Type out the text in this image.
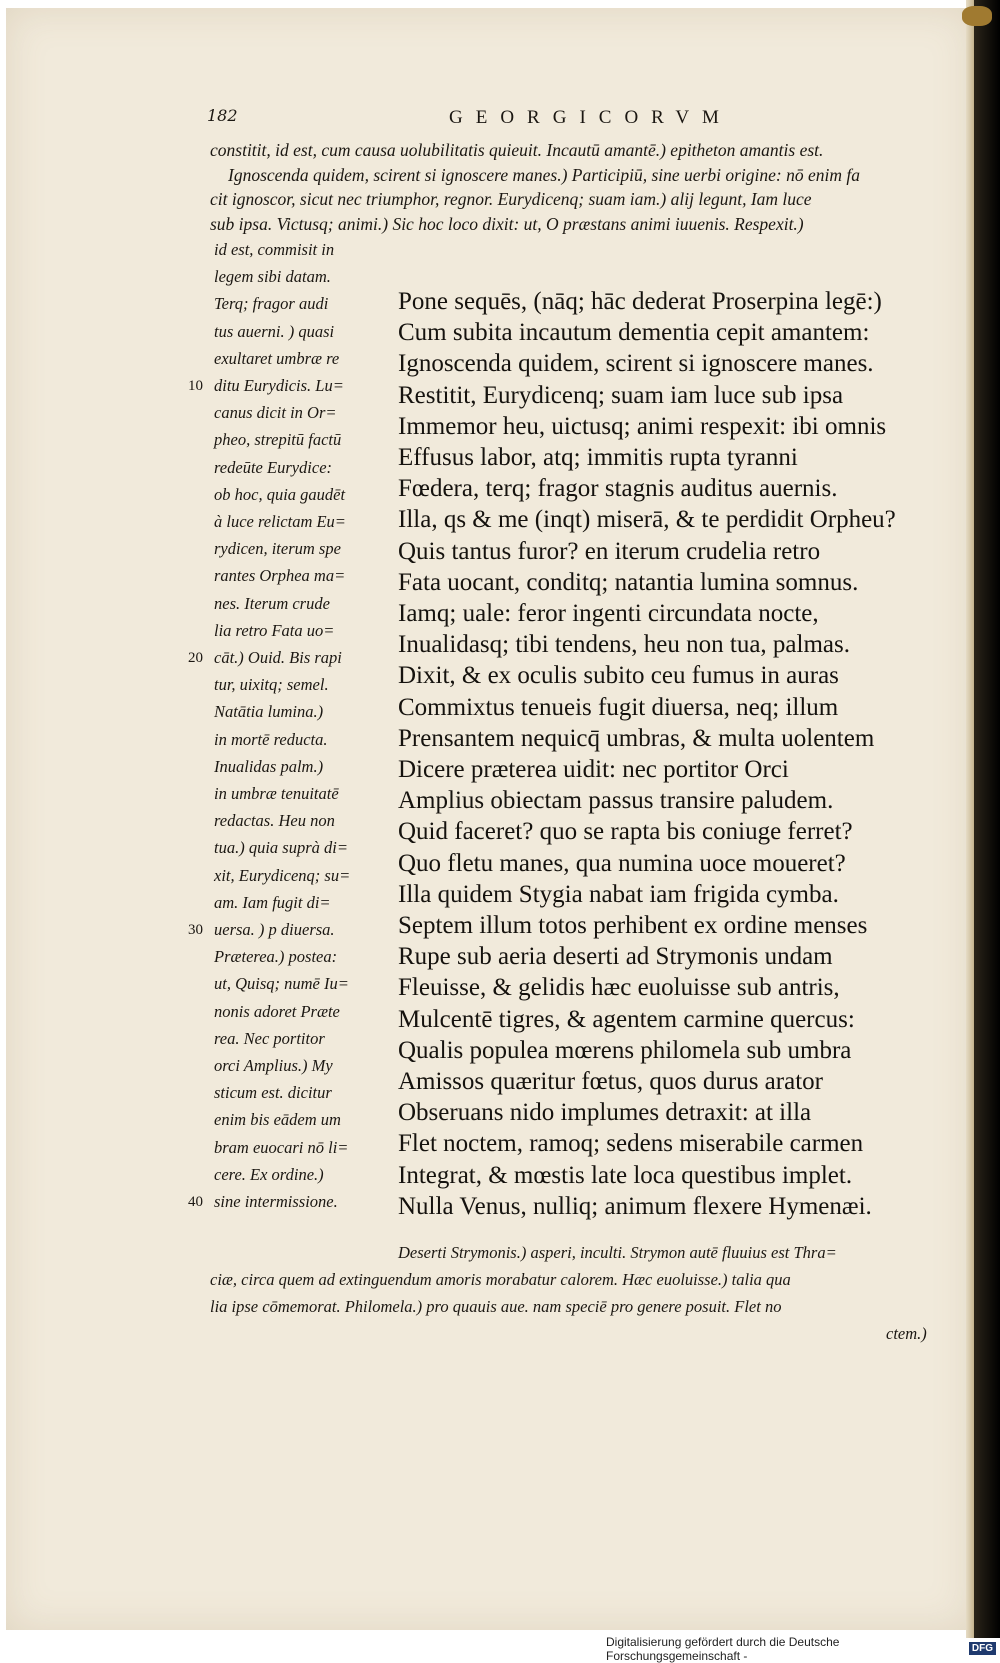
182	GEORGICORVM
constitit, id est, cum causa uolubilitatis quieuit. Incautū amantē.) epitheton amantis est.
Ignoscenda quidem, scirent si ignoscere manes.) Participiū, sine uerbi origine: nō enim fa
cit ignoscor, sicut nec triumphor, regnor. Eurydicenq; suam iam.) alij legunt, Iam luce
sub ipsa. Victusq; animi.) Sic hoc loco dixit: ut, O præstans animi iuuenis. Respexit.)
id est, commisit in
legem sibi datam.
Terq; fragor audi
tus auerni. ) quasi
exultaret umbræ re
ditu Eurydicis. Lu=
canus dicit in Or=
pheo, strepitū factū
redeūte Eurydice:
ob hoc, quia gaudēt
à luce relictam Eu=
rydicen, iterum spe
rantes Orphea ma=
nes. Iterum crude
lia retro Fata uo=
cāt.) Ouid. Bis rapi
tur, uixitq; semel.
Natātia lumina.)
in mortē reducta.
Inualidas palm.)
in umbræ tenuitatē
redactas. Heu non
tua.) quia suprà di=
xit, Eurydicenq; su=
am. Iam fugit di=
uersa. ) p diuersa.
Præterea.) postea:
ut, Quisq; numē Iu=
nonis adoret Præte
rea. Nec portitor
orci Amplius.) My
sticum est. dicitur
enim bis eādem um
bram euocari nō li=
cere. Ex ordine.)
sine intermissione.
10
20
30
40
Pone sequēs, (nāq; hāc dederat Proserpina legē:)
Cum subita incautum dementia cepit amantem:
Ignoscenda quidem, scirent si ignoscere manes.
Restitit, Eurydicenq; suam iam luce sub ipsa
Immemor heu, uictusq; animi respexit: ibi omnis
Effusus labor, atq; immitis rupta tyranni
Fœdera, terq; fragor stagnis auditus auernis.
Illa, qs & me (inqt) miserā, & te perdidit Orpheu?
Quis tantus furor? en iterum crudelia retro
Fata uocant, conditq; natantia lumina somnus.
Iamq; uale: feror ingenti circundata nocte,
Inualidasq; tibi tendens, heu non tua, palmas.
Dixit, & ex oculis subito ceu fumus in auras
Commixtus tenueis fugit diuersa, neq; illum
Prensantem nequicq̄ umbras, & multa uolentem
Dicere præterea uidit: nec portitor Orci
Amplius obiectam passus transire paludem.
Quid faceret? quo se rapta bis coniuge ferret?
Quo fletu manes, qua numina uoce moueret?
Illa quidem Stygia nabat iam frigida cymba.
Septem illum totos perhibent ex ordine menses
Rupe sub aeria deserti ad Strymonis undam
Fleuisse, & gelidis hæc euoluisse sub antris,
Mulcentē tigres, & agentem carmine quercus:
Qualis populea mœrens philomela sub umbra
Amissos quæritur fœtus, quos durus arator
Obseruans nido implumes detraxit: at illa
Flet noctem, ramoq; sedens miserabile carmen
Integrat, & mœstis late loca questibus implet.
Nulla Venus, nulliq; animum flexere Hymenæi.
Deserti Strymonis.) asperi, inculti. Strymon autē fluuius est Thra=
ciæ, circa quem ad extinguendum amoris morabatur calorem. Hæc euoluisse.) talia qua
lia ipse cōmemorat. Philomela.) pro quauis aue. nam speciē pro genere posuit. Flet no
ctem.)
Digitalisierung gefördert durch die Deutsche Forschungsgemeinschaft -	DFG
